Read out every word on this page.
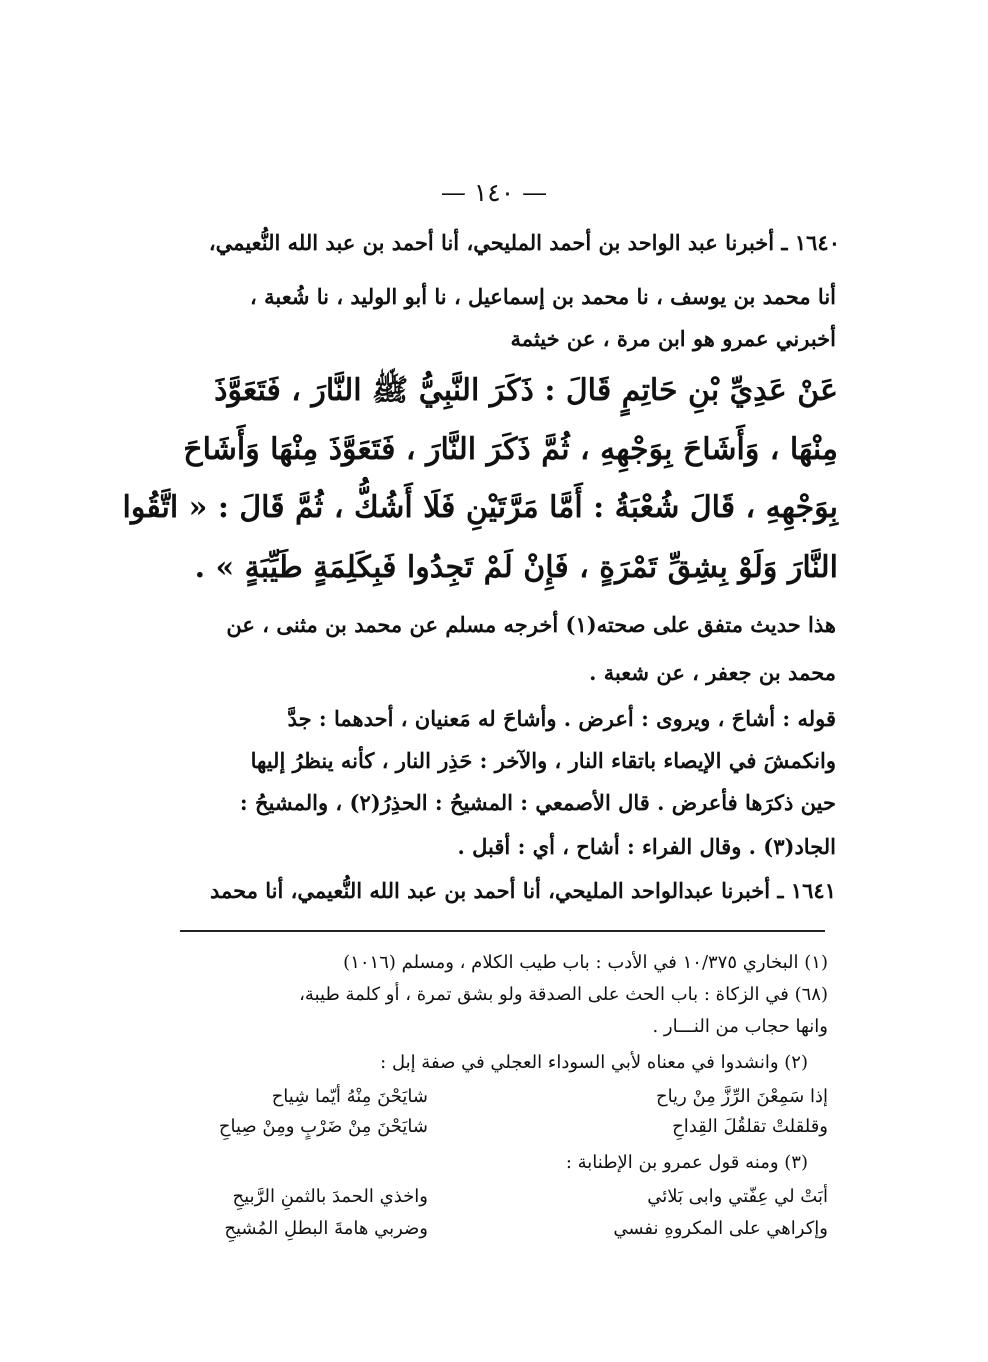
— ١٤٠ —
١٦٤٠ ـ أخبرنا عبد الواحد بن أحمد المليحي، أنا أحمد بن عبد الله النُّعيمي،
أنا محمد بن يوسف ، نا محمد بن إسماعيل ، نا أبو الوليد ، نا شُعبة ،
أخبرني عمرو هو ابن مرة ، عن خيثمة
عَنْ عَدِيِّ بْنِ حَاتِمٍ قَالَ : ذَكَرَ النَّبِيُّ ﷺ النَّارَ ، فَتَعَوَّذَ
مِنْهَا ، وَأَشَاحَ بِوَجْهِهِ ، ثُمَّ ذَكَرَ النَّارَ ، فَتَعَوَّذَ مِنْهَا وَأَشَاحَ
بِوَجْهِهِ ، قَالَ شُعْبَةُ : أَمَّا مَرَّتَيْنِ فَلَا أَشُكُّ ، ثُمَّ قَالَ : « اتَّقُوا
النَّارَ وَلَوْ بِشِقِّ تَمْرَةٍ ، فَإِنْ لَمْ تَجِدُوا فَبِكَلِمَةٍ طَيِّبَةٍ » .
هذا حديث متفق على صحته(١) أخرجه مسلم عن محمد بن مثنى ، عن
محمد بن جعفر ، عن شعبة .
قوله : أشاحَ ، ويروى : أعرض . وأشاحَ له مَعنيان ، أحدهما : جدَّ
وانكمشَ في الإيصاء باتقاء النار ، والآخر : حَذِر النار ، كأنه ينظرُ إليها
حين ذكرَها فأعرض . قال الأصمعي : المشيحُ : الحذِرُ(٢) ، والمشيحُ :
الجاد(٣) . وقال الفراء : أشاح ، أي : أقبل .
١٦٤١ ـ أخبرنا عبدالواحد المليحي، أنا أحمد بن عبد الله النُّعيمي، أنا محمد
(١) البخاري ١٠/٣٧٥ في الأدب : باب طيب الكلام ، ومسلم (١٠١٦)
(٦٨) في الزكاة : باب الحث على الصدقة ولو بشق تمرة ، أو كلمة طيبة،
وانها حجاب من النـــار .
(٢) وانشدوا في معناه لأبي السوداء العجلي في صفة إبل :
إذا سَمِعْنَ الرِّزَّ مِنْ رياح
شايَحْنَ مِنْهُ أيّما شِياح
وقلقلتْ تقلقُلَ القِداحِ
شايَحْنَ مِنْ ضَرْبٍ ومِنْ صِياحِ
(٣) ومنه قول عمرو بن الإطنابة :
أبَتْ لي عِفّتي وابى بَلائي
واخذي الحمدَ بالثمنِ الرَّبيحِ
وإكراهي على المكروهِ نفسي
وضربي هامةَ البطلِ المُشيحِ
